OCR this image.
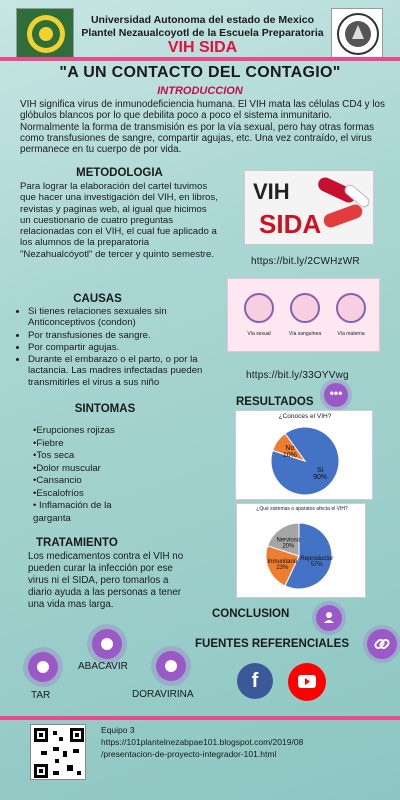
Universidad Autonoma del estado de Mexico
Plantel Nezaualcoyotl de la Escuela Preparatoria
VIH SIDA
"A UN CONTACTO DEL CONTAGIO"
INTRODUCCION
VIH significa virus de inmunodeficiencia humana. El VIH mata las células CD4 y los glóbulos blancos por lo que debilita poco a poco el sistema inmunitario. Normalmente la forma de transmisión es por la vía sexual, pero hay otras formas como transfusiones de sangre, compartir agujas, etc. Una vez contraído, el virus permanece en tu cuerpo de por vida.
METODOLOGIA
Para lograr la elaboración del cartel tuvimos que hacer una investigación del VIH, en libros, revistas y paginas web, al igual que hicimos un cuestionario de cuatro preguntas relacionadas con el VIH, el cual fue aplicado a los alumnos de la preparatoria "Nezahualcóyotl" de tercer y quinto semestre.
VIH
SIDA
https://bit.ly/2CWHzWR
Vía sexual	Vía sanguínea	Vía materna
https://bit.ly/33OYVwg
CAUSAS
• Si tienes relaciones sexuales sin Anticonceptivos (condon)
• Por transfusiones de sangre.
• Por compartir agujas.
• Durante el embarazo o el parto, o por la lactancia. Las madres infectadas pueden transmitirles el virus a sus niño
•••
SINTOMAS
•Erupciones rojizas
•Fiebre
•Tos seca
•Dolor muscular
•Cansancio
•Escalofríos
• Inflamación de la garganta
RESULTADOS
¿Conoces el VIH?
Si 90%
No 10%
¿Qué sistemas o aparatos afecta el VIH?
Reproductor 57%
Inmunitario 23%
Nervioso 20%
TRATAMIENTO
Los medicamentos contra el VIH no pueden curar la infección por ese virus ni el SIDA, pero tomarlos a diario ayuda a las personas a tener una vida mas larga.
CONCLUSION
FUENTES REFERENCIALES
ABACAVIR
TAR	DORAVIRINA
f
Equipo 3
https://101plantelnezabpae101.blogspot.com/2019/08
/presentacion-de-proyecto-integrador-101.html
